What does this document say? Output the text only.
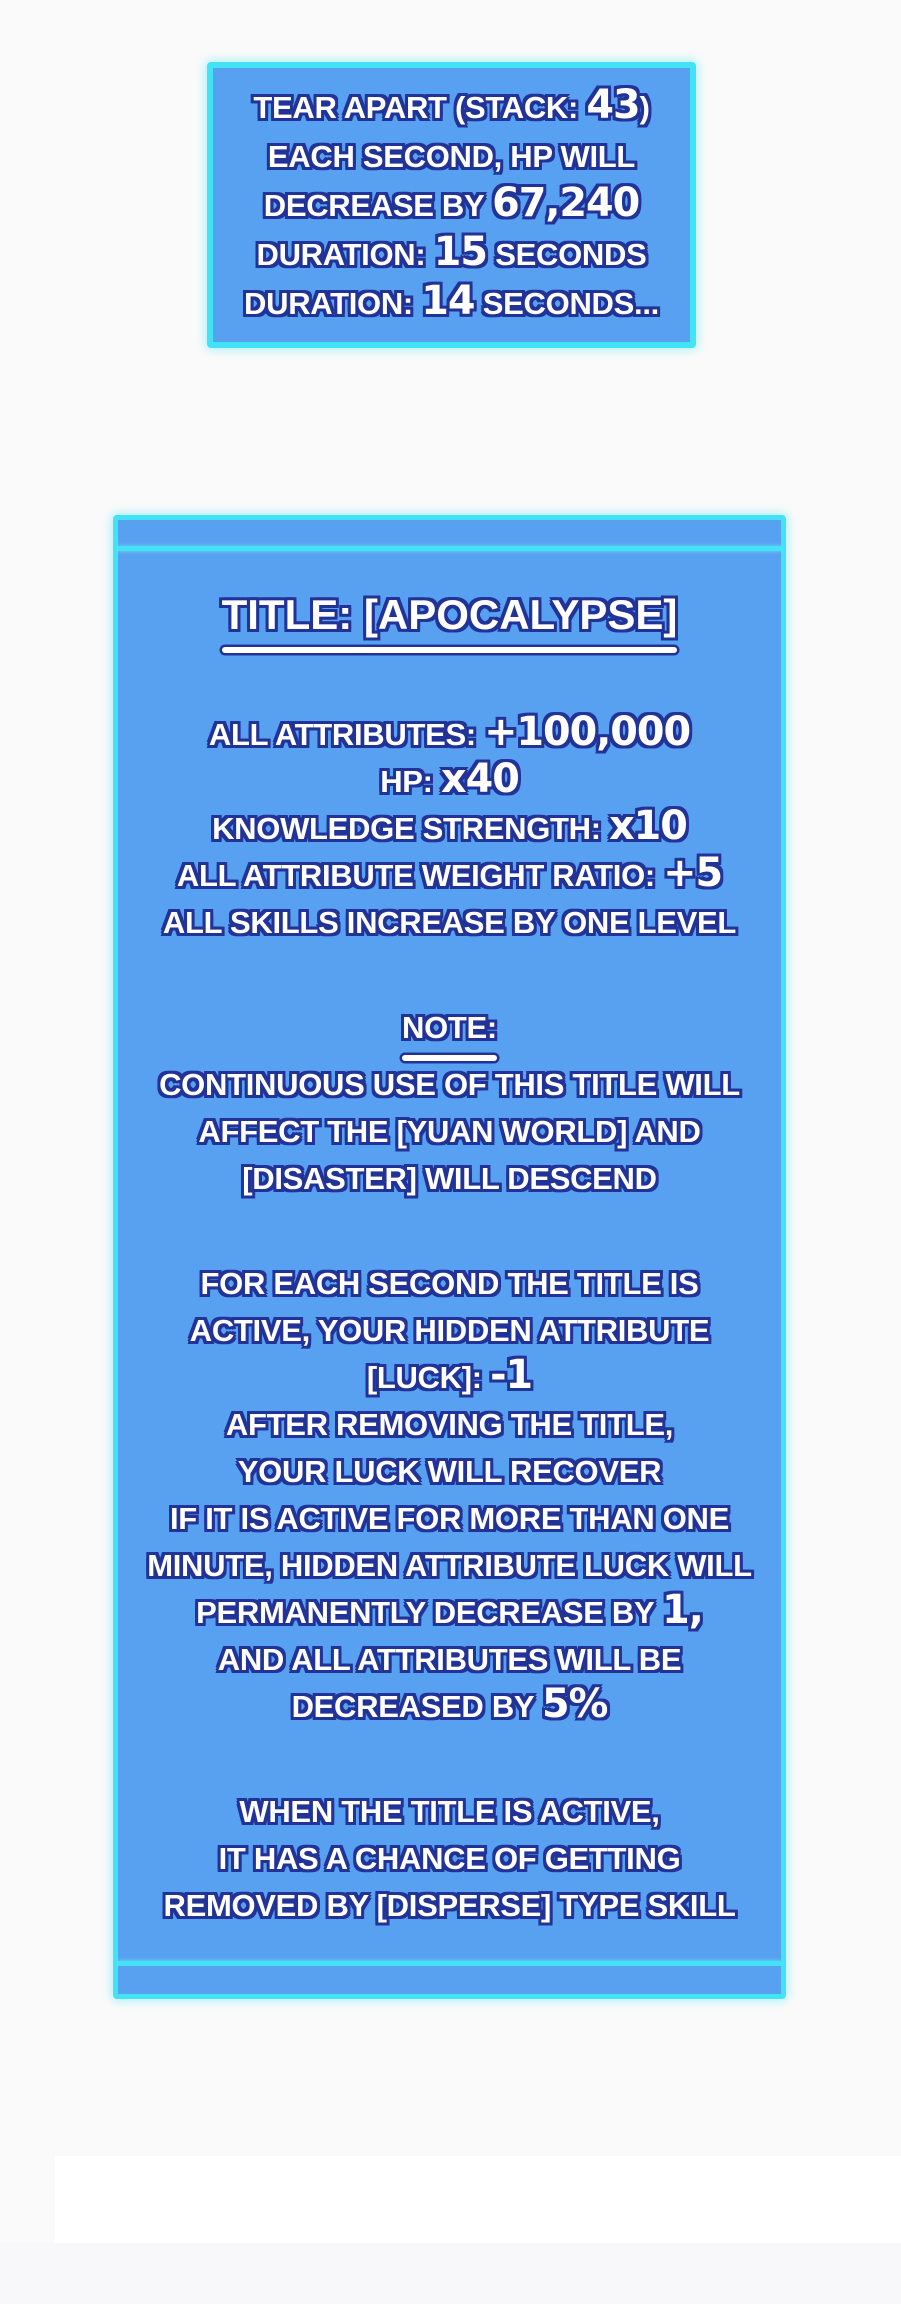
TEAR APART (STACK: 43)
EACH SECOND, HP WILL
DECREASE BY 67,240
DURATION: 15 SECONDS
DURATION: 14 SECONDS...
TITLE: [APOCALYPSE]
ALL ATTRIBUTES: +100,000
HP: x40
KNOWLEDGE STRENGTH: x10
ALL ATTRIBUTE WEIGHT RATIO: +5
ALL SKILLS INCREASE BY ONE LEVEL
NOTE:
CONTINUOUS USE OF THIS TITLE WILL
AFFECT THE [YUAN WORLD] AND
[DISASTER] WILL DESCEND
FOR EACH SECOND THE TITLE IS
ACTIVE, YOUR HIDDEN ATTRIBUTE
[LUCK]: -1
AFTER REMOVING THE TITLE,
YOUR LUCK WILL RECOVER
IF IT IS ACTIVE FOR MORE THAN ONE
MINUTE, HIDDEN ATTRIBUTE LUCK WILL
PERMANENTLY DECREASE BY 1,
AND ALL ATTRIBUTES WILL BE
DECREASED BY 5%
WHEN THE TITLE IS ACTIVE,
IT HAS A CHANCE OF GETTING
REMOVED BY [DISPERSE] TYPE SKILL
